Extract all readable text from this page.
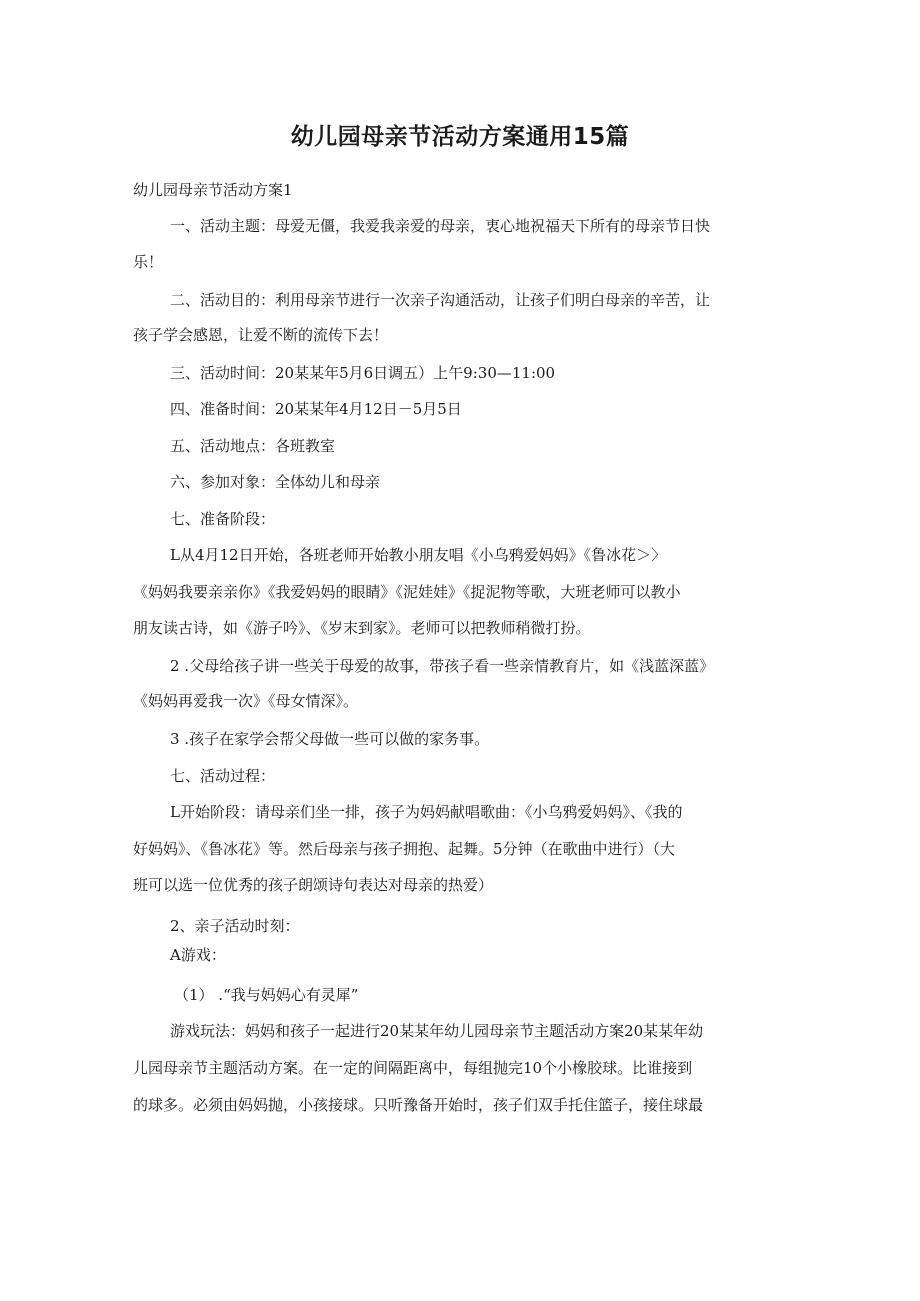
幼儿园母亲节活动方案通用15篇
幼儿园母亲节活动方案1
一、活动主题：母爱无僵，我爱我亲爱的母亲，衷心地祝福天下所有的母亲节日快
乐！
二、活动目的：利用母亲节进行一次亲子沟通活动，让孩子们明白母亲的辛苦，让
孩子学会感恩，让爱不断的流传下去！
三、活动时间：20某某年5月6日调五）上午9:30—11:00
四、准备时间：20某某年4月12日－5月5日
五、活动地点：各班教室
六、参加对象：全体幼儿和母亲
七、准备阶段：
L从4月12日开始，各班老师开始教小朋友唱《小乌鸦爱妈妈》《鲁冰花＞〉
《妈妈我要亲亲你》《我爱妈妈的眼睛》《泥娃娃》《捉泥物等歌，大班老师可以教小
朋友读古诗，如《游子吟》、《岁末到家》。老师可以把教师稍微打扮。
2 .父母给孩子讲一些关于母爱的故事，带孩子看一些亲情教育片，如《浅蓝深蓝》
《妈妈再爱我一次》《母女情深》。
3 .孩子在家学会帮父母做一些可以做的家务事。
七、活动过程：
L开始阶段：请母亲们坐一排，孩子为妈妈献唱歌曲：《小乌鸦爱妈妈》、《我的
好妈妈》、《鲁冰花》等。然后母亲与孩子拥抱、起舞。5分钟（在歌曲中进行）（大
班可以选一位优秀的孩子朗颂诗句表达对母亲的热爱）
2、亲子活动时刻：
A游戏：
（1） .“我与妈妈心有灵犀”
游戏玩法：妈妈和孩子一起进行20某某年幼儿园母亲节主题活动方案20某某年幼
儿园母亲节主题活动方案。在一定的间隔距离中，每组抛完10个小橡胶球。比谁接到
的球多。必须由妈妈抛，小孩接球。只听豫备开始时，孩子们双手托住篮子，接住球最
